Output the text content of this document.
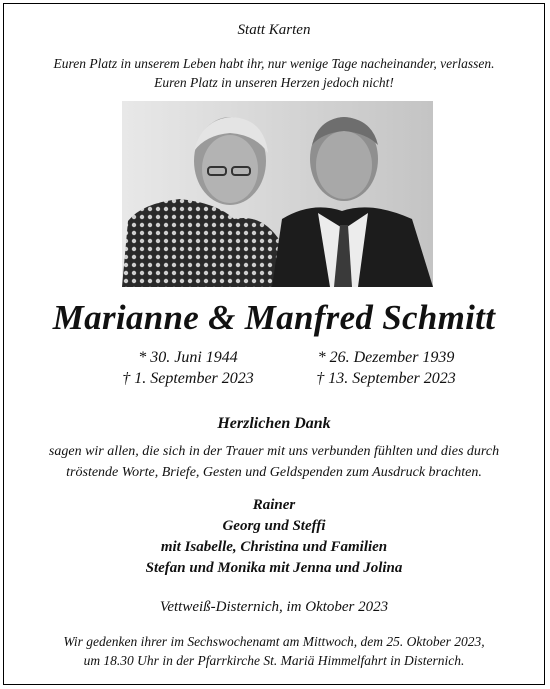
Statt Karten
Euren Platz in unserem Leben habt ihr, nur wenige Tage nacheinander, verlassen.
Euren Platz in unseren Herzen jedoch nicht!
Marianne & Manfred Schmitt
* 30. Juni 1944
† 1. September 2023
* 26. Dezember 1939
† 13. September 2023
Herzlichen Dank
sagen wir allen, die sich in der Trauer mit uns verbunden fühlten und dies durch
tröstende Worte, Briefe, Gesten und Geldspenden zum Ausdruck brachten.
Rainer
Georg und Steffi
mit Isabelle, Christina und Familien
Stefan und Monika mit Jenna und Jolina
Vettweiß-Disternich, im Oktober 2023
Wir gedenken ihrer im Sechswochenamt am Mittwoch, dem 25. Oktober 2023,
um 18.30 Uhr in der Pfarrkirche St. Mariä Himmelfahrt in Disternich.
